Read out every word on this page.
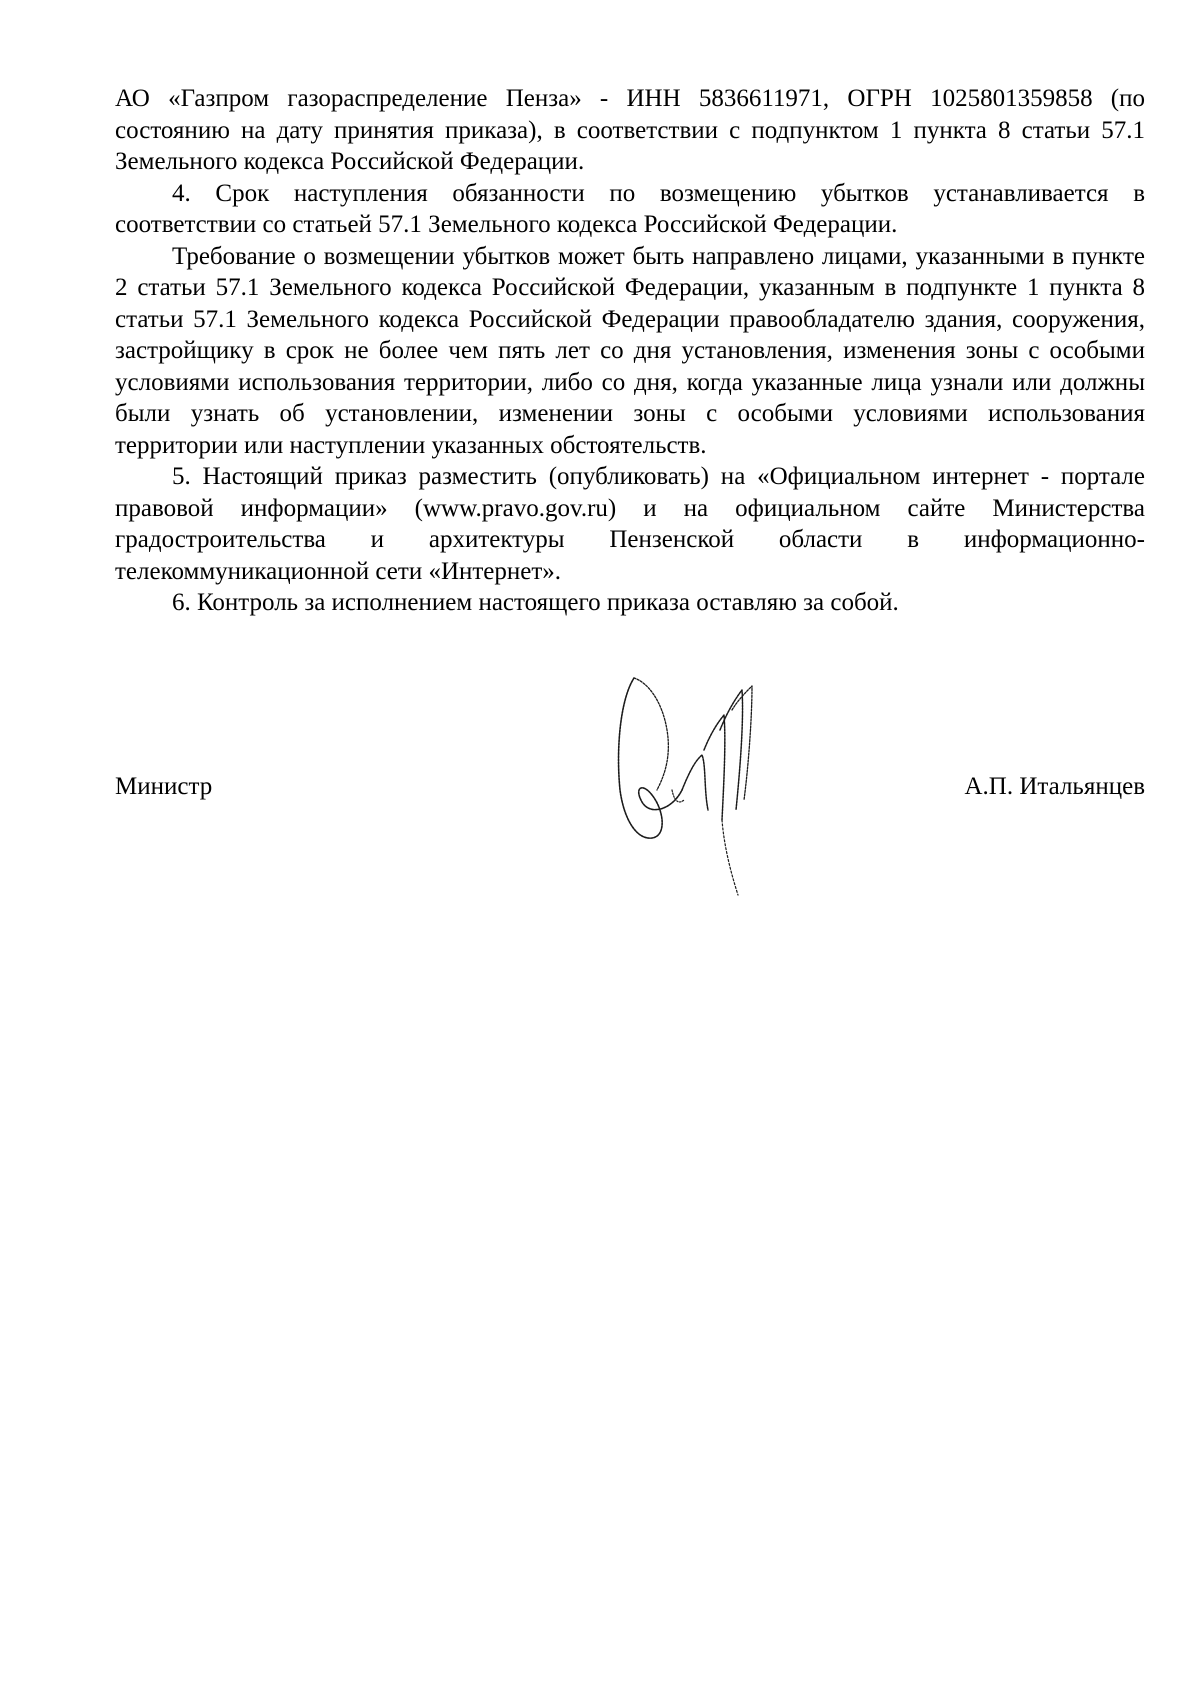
АО «Газпром газораспределение Пенза» - ИНН 5836611971, ОГРН 1025801359858 (по состоянию на дату принятия приказа), в соответствии с подпунктом 1 пункта 8 статьи 57.1 Земельного кодекса Российской Федерации.

4. Срок наступления обязанности по возмещению убытков устанавливается в соответствии со статьей 57.1 Земельного кодекса Российской Федерации.

Требование о возмещении убытков может быть направлено лицами, указанными в пункте 2 статьи 57.1 Земельного кодекса Российской Федерации, указанным в подпункте 1 пункта 8 статьи 57.1 Земельного кодекса Российской Федерации правообладателю здания, сооружения, застройщику в срок не более чем пять лет со дня установления, изменения зоны с особыми условиями использования территории, либо со дня, когда указанные лица узнали или должны были узнать об установлении, изменении зоны с особыми условиями использования территории или наступлении указанных обстоятельств.

5. Настоящий приказ разместить (опубликовать) на «Официальном интернет - портале правовой информации» (www.pravo.gov.ru) и на официальном сайте Министерства градостроительства и архитектуры Пензенской области в информационно-телекоммуникационной сети «Интернет».

6. Контроль за исполнением настоящего приказа оставляю за собой.

Министр	А.П. Итальянцев
